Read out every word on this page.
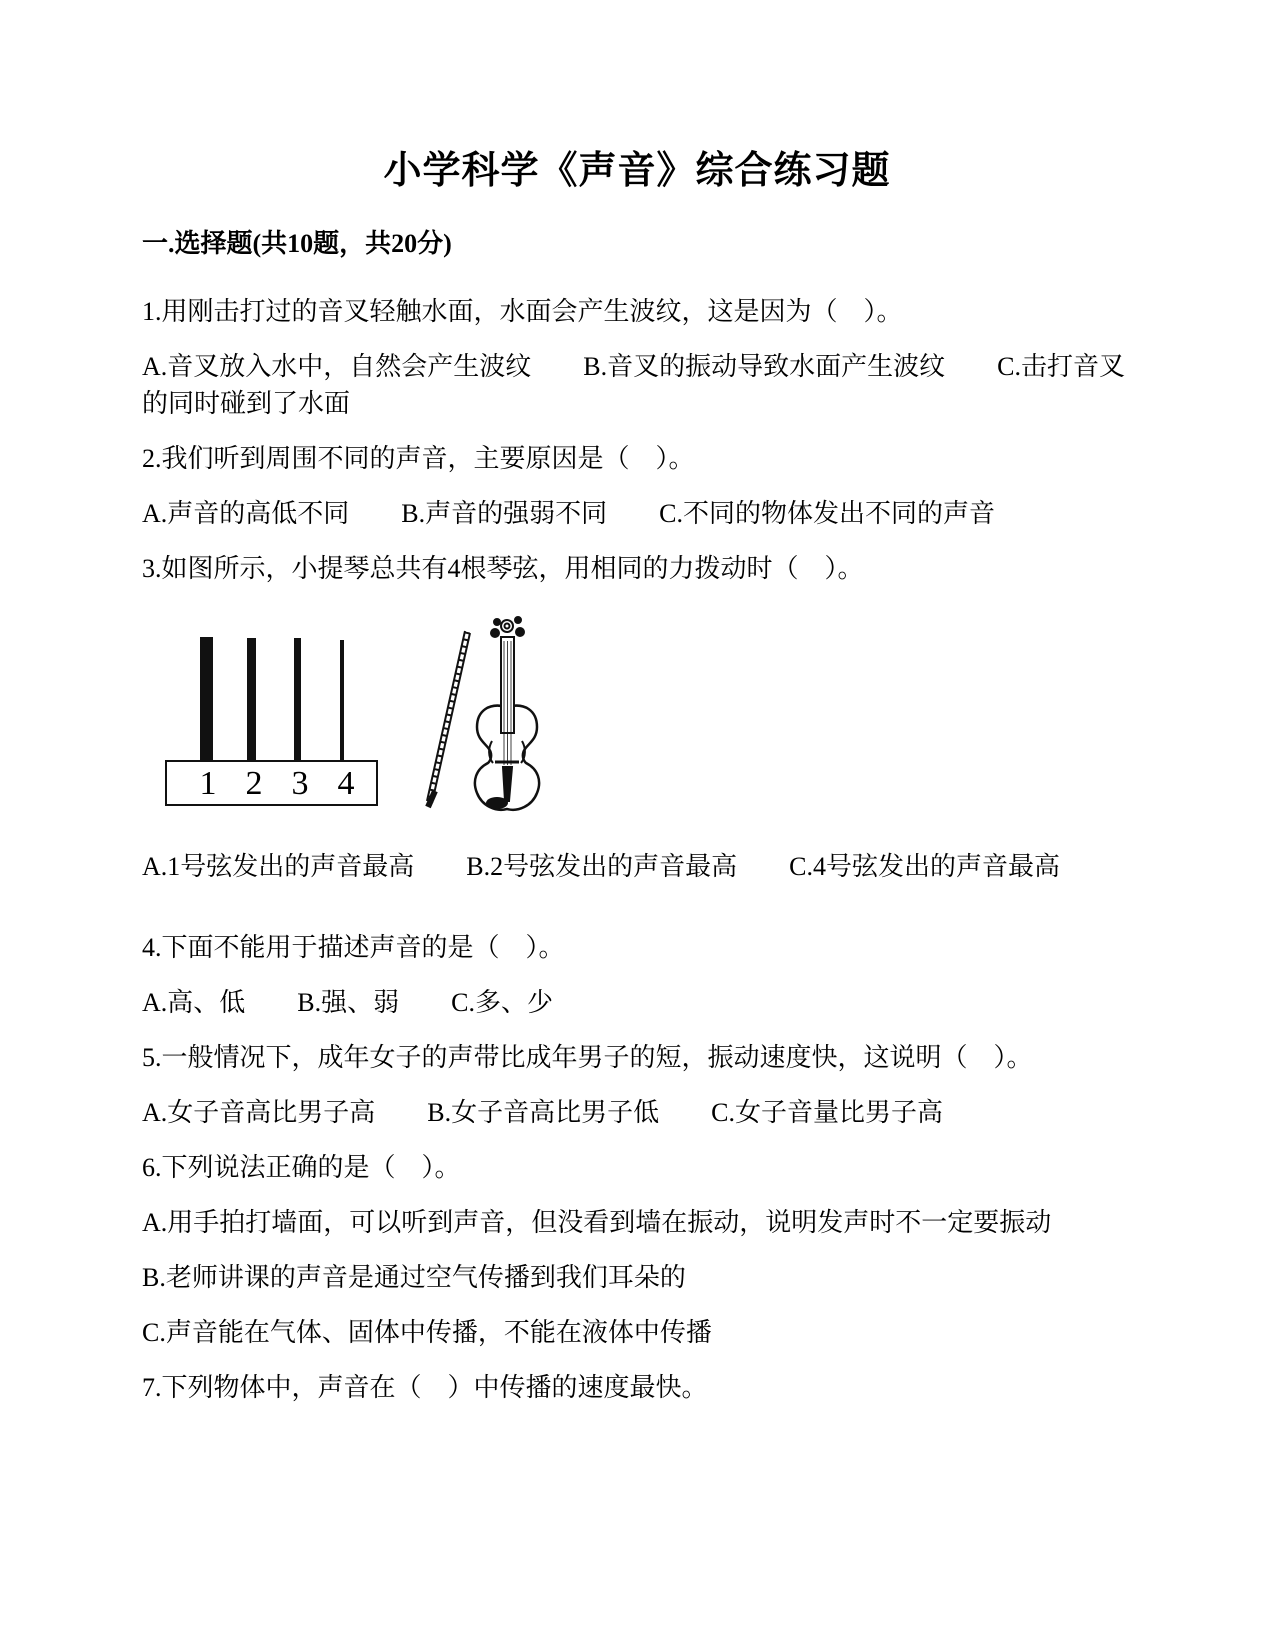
小学科学《声音》综合练习题
一.选择题(共10题，共20分)

1.用刚击打过的音叉轻触水面，水面会产生波纹，这是因为（　）。

A.音叉放入水中，自然会产生波纹 B.音叉的振动导致水面产生波纹 C.击打音叉的同时碰到了水面

2.我们听到周围不同的声音，主要原因是（　）。

A.声音的高低不同 B.声音的强弱不同 C.不同的物体发出不同的声音

3.如图所示，小提琴总共有4根琴弦，用相同的力拨动时（　）。

1 2 3 4

A.1号弦发出的声音最高 B.2号弦发出的声音最高 C.4号弦发出的声音最高

4.下面不能用于描述声音的是（　）。

A.高、低 B.强、弱 C.多、少

5.一般情况下，成年女子的声带比成年男子的短，振动速度快，这说明（　）。

A.女子音高比男子高 B.女子音高比男子低 C.女子音量比男子高

6.下列说法正确的是（　）。

A.用手拍打墙面，可以听到声音，但没看到墙在振动，说明发声时不一定要振动

B.老师讲课的声音是通过空气传播到我们耳朵的

C.声音能在气体、固体中传播，不能在液体中传播

7.下列物体中，声音在（　）中传播的速度最快。
